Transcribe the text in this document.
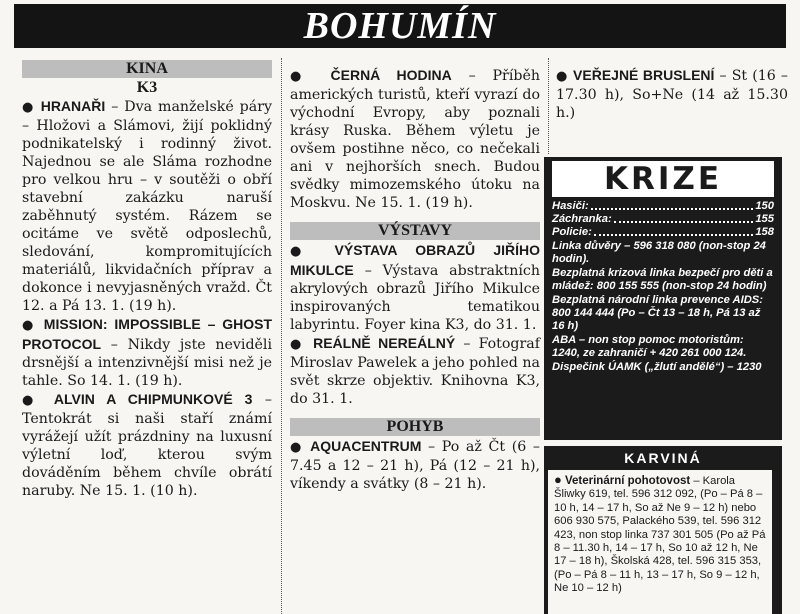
BOHUMÍN
KINA
K3

● HRANAŘI – Dva manželské páry – Hložovi a Slámovi, žijí poklidný podnikatelský i rodinný život. Najednou se ale Sláma rozhodne pro velkou hru – v soutěži o obří stavební zakázku naruší zaběhnutý systém. Rázem se ocitáme ve světě odposlechů, sledování, kompromitujících materiálů, likvidačních příprav a dokonce i nevyjasněných vražd. Čt 12. a Pá 13. 1. (19 h).

● MISSION: IMPOSSIBLE – GHOST PROTOCOL – Nikdy jste neviděli drsnější a intenzivnější misi než je tahle. So 14. 1. (19 h).

● ALVIN A CHIPMUNKOVÉ 3 – Tentokrát si naši staří známí vyrážejí užít prázdniny na luxusní výletní loď, kterou svým dováděním během chvíle obrátí naruby. Ne 15. 1. (10 h).

● ČERNÁ HODINA – Příběh amerických turistů, kteří vyrazí do východní Evropy, aby poznali krásy Ruska. Během výletu je ovšem postihne něco, co nečekali ani v nejhorších snech. Budou svědky mimozemského útoku na Moskvu. Ne 15. 1. (19 h).

VÝSTAVY

● VÝSTAVA OBRAZŮ JIŘÍHO MIKULCE – Výstava abstraktních akrylových obrazů Jiřího Mikulce inspirovaných tematikou labyrintu. Foyer kina K3, do 31. 1.

● REÁLNĚ NEREÁLNÝ – Fotograf Miroslav Pawelek a jeho pohled na svět skrze objektiv. Knihovna K3, do 31. 1.

POHYB

● AQUACENTRUM – Po až Čt (6 – 7.45 a 12 – 21 h), Pá (12 – 21 h), víkendy a svátky (8 – 21 h).

● VEŘEJNÉ BRUSLENÍ – St (16 – 17.30 h), So+Ne (14 až 15.30 h.)

KRIZE
Hasiči:	150
Záchranka:	155
Policie:	158
Linka důvěry – 596 318 080 (non-stop 24 hodin).
Bezplatná krizová linka bezpečí pro děti a mládež: 800 155 555 (non-stop 24 hodin)
Bezplatná národní linka prevence AIDS: 800 144 444 (Po – Čt 13 – 18 h, Pá 13 až 16 h)
ABA – non stop pomoc motoristům: 1240, ze zahraničí + 420 261 000 124.
Dispečink ÚAMK („žlutí andělé“) – 1230
KARVINÁ
● Veterinární pohotovost – Karola Šliwky 619, tel. 596 312 092, (Po – Pá 8 – 10 h, 14 – 17 h, So až Ne 9 – 12 h) nebo 606 930 575, Palackého 539, tel. 596 312 423, non stop linka 737 301 505 (Po až Pá 8 – 11.30 h, 14 – 17 h, So 10 až 12 h, Ne 17 – 18 h), Školská 428, tel. 596 315 353, (Po – Pá 8 – 11 h, 13 – 17 h, So 9 – 12 h, Ne 10 – 12 h)
